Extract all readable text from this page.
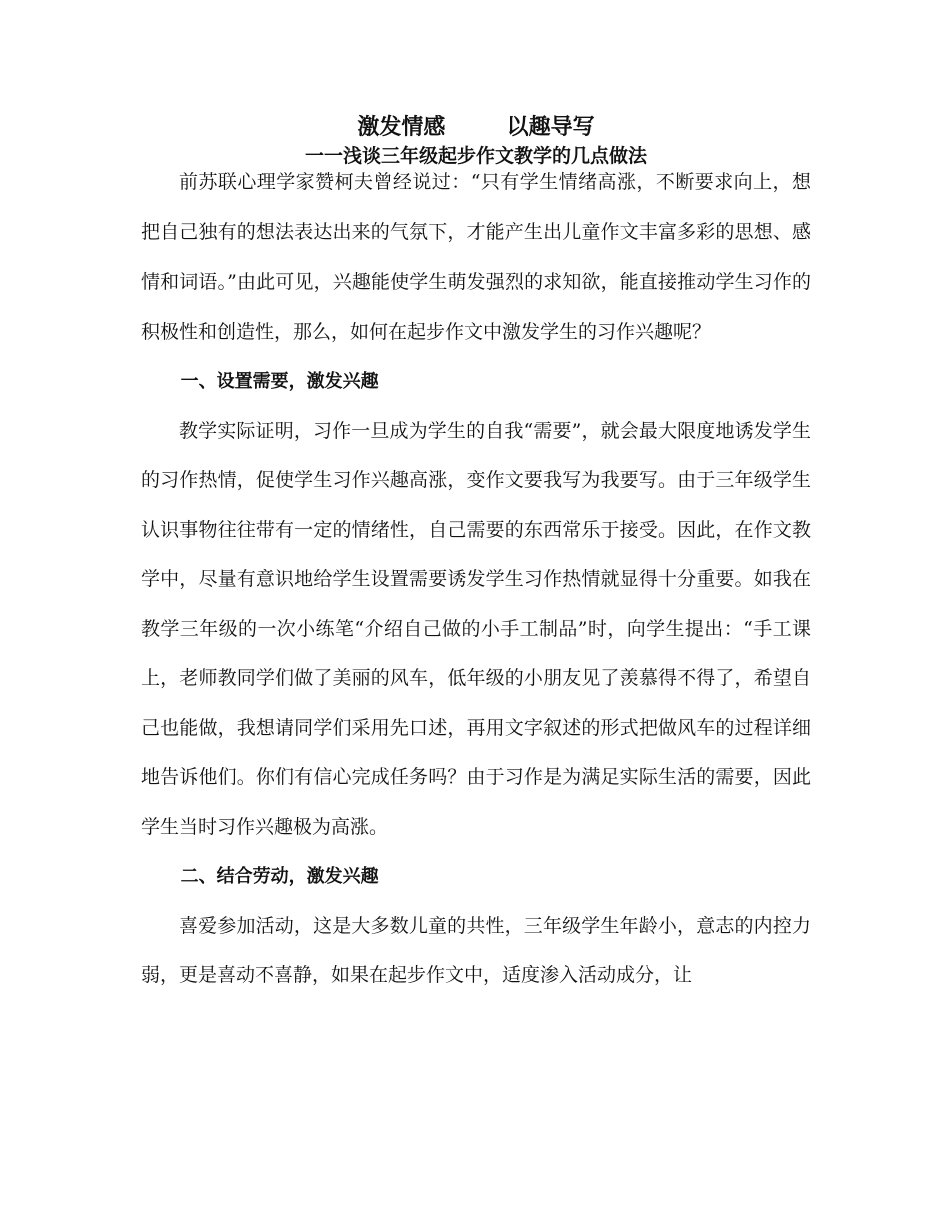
激发情感        以趣导写
一一浅谈三年级起步作文教学的几点做法

前苏联心理学家赞柯夫曾经说过：“只有学生情绪高涨，不断要求向上，想把自己独有的想法表达出来的气氛下，才能产生出儿童作文丰富多彩的思想、感情和词语。”由此可见，兴趣能使学生萌发强烈的求知欲，能直接推动学生习作的积极性和创造性，那么，如何在起步作文中激发学生的习作兴趣呢？

一、设置需要，激发兴趣

教学实际证明，习作一旦成为学生的自我“需要”，就会最大限度地诱发学生的习作热情，促使学生习作兴趣高涨，变作文要我写为我要写。由于三年级学生认识事物往往带有一定的情绪性，自己需要的东西常乐于接受。因此，在作文教学中，尽量有意识地给学生设置需要诱发学生习作热情就显得十分重要。如我在教学三年级的一次小练笔“介绍自己做的小手工制品”时，向学生提出：“手工课上，老师教同学们做了美丽的风车，低年级的小朋友见了羡慕得不得了，希望自己也能做，我想请同学们采用先口述，再用文字叙述的形式把做风车的过程详细地告诉他们。你们有信心完成任务吗？由于习作是为满足实际生活的需要，因此学生当时习作兴趣极为高涨。

二、结合劳动，激发兴趣

喜爱参加活动，这是大多数儿童的共性，三年级学生年龄小，意志的内控力弱，更是喜动不喜静，如果在起步作文中，适度渗入活动成分，让
